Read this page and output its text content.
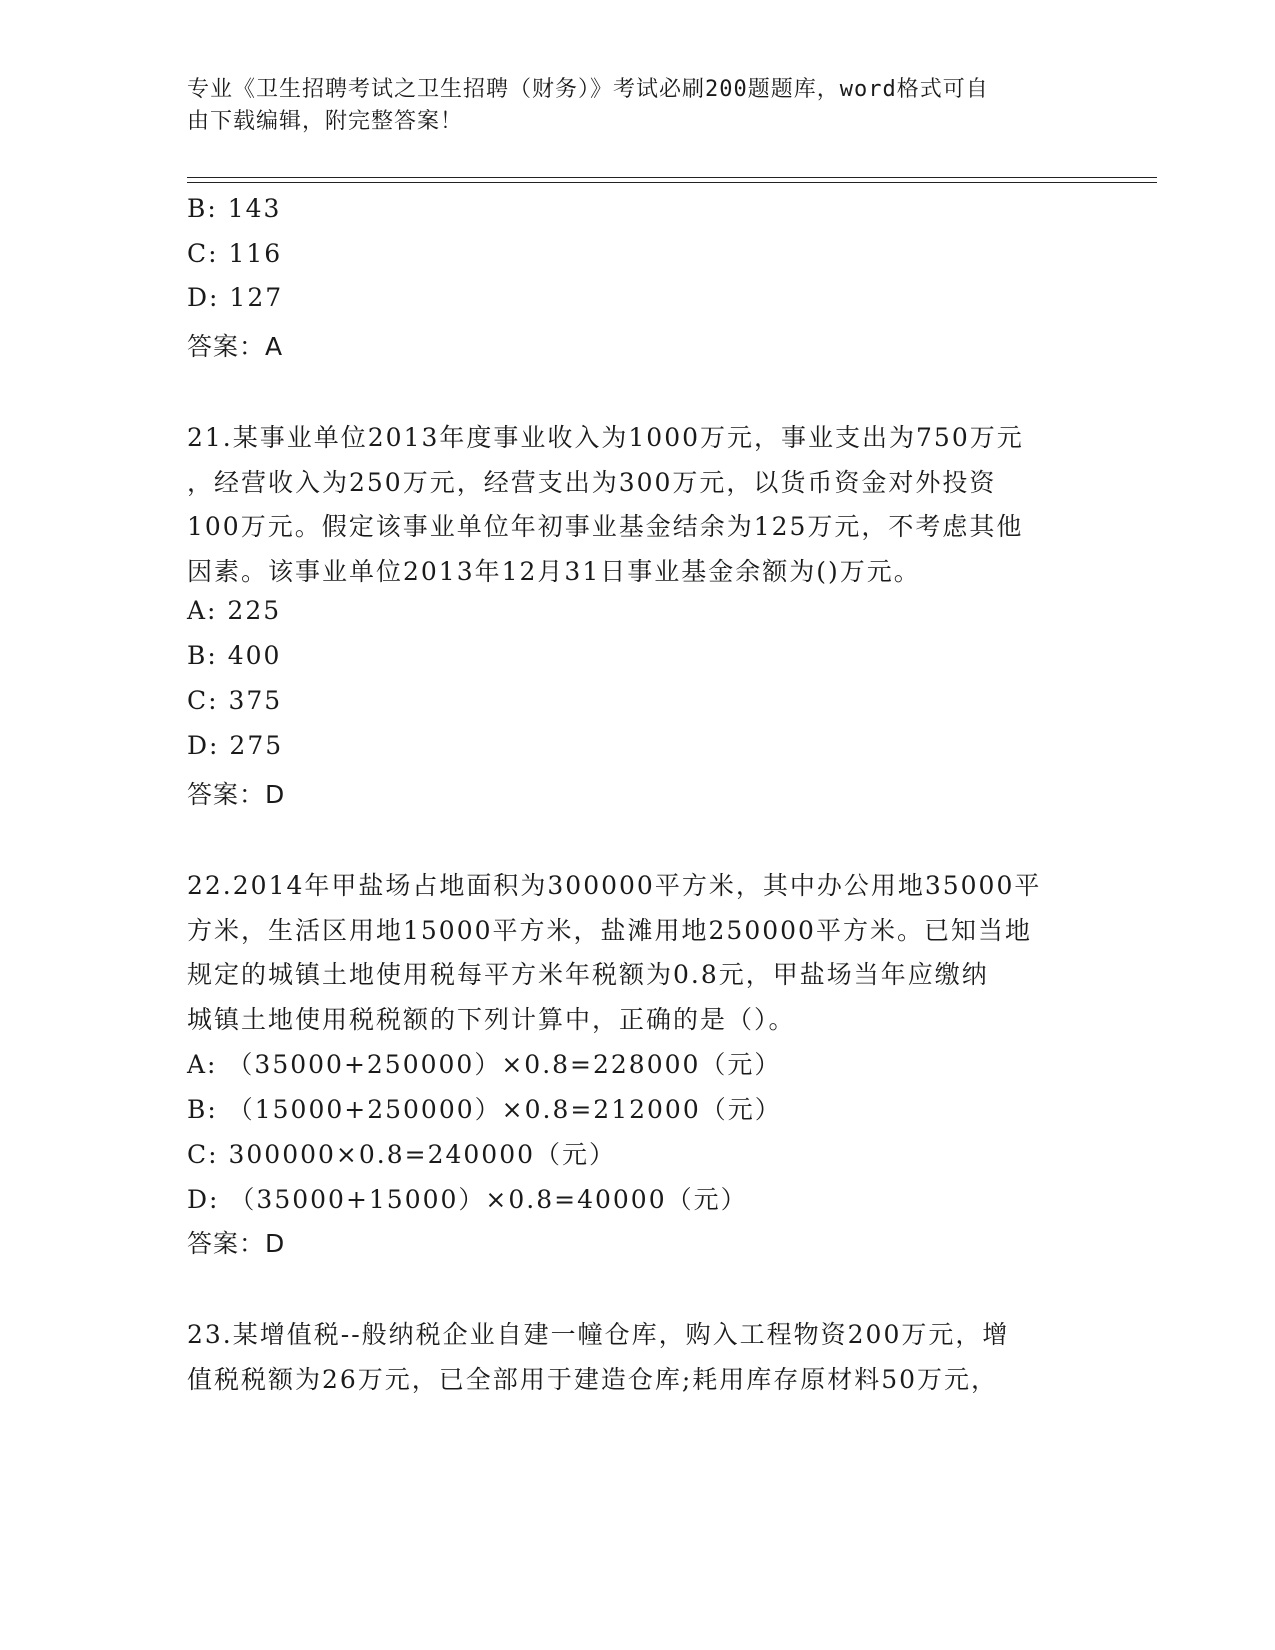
专业《卫生招聘考试之卫生招聘（财务）》考试必刷200题题库，word格式可自
由下载编辑，附完整答案！
B: 143
C: 116
D: 127
答案：A
21.某事业单位2013年度事业收入为1000万元，事业支出为750万元
，经营收入为250万元，经营支出为300万元，以货币资金对外投资
100万元。假定该事业单位年初事业基金结余为125万元，不考虑其他
因素。该事业单位2013年12月31日事业基金余额为()万元。
A: 225
B: 400
C: 375
D: 275
答案：D
22.2014年甲盐场占地面积为300000平方米，其中办公用地35000平
方米，生活区用地15000平方米，盐滩用地250000平方米。已知当地
规定的城镇土地使用税每平方米年税额为0.8元，甲盐场当年应缴纳
城镇土地使用税税额的下列计算中，正确的是（）。
A: （35000+250000）×0.8=228000（元）
B: （15000+250000）×0.8=212000（元）
C: 300000×0.8=240000（元）
D: （35000+15000）×0.8=40000（元）
答案：D
23.某增值税--般纳税企业自建一幢仓库，购入工程物资200万元，增
值税税额为26万元，已全部用于建造仓库;耗用库存原材料50万元，
